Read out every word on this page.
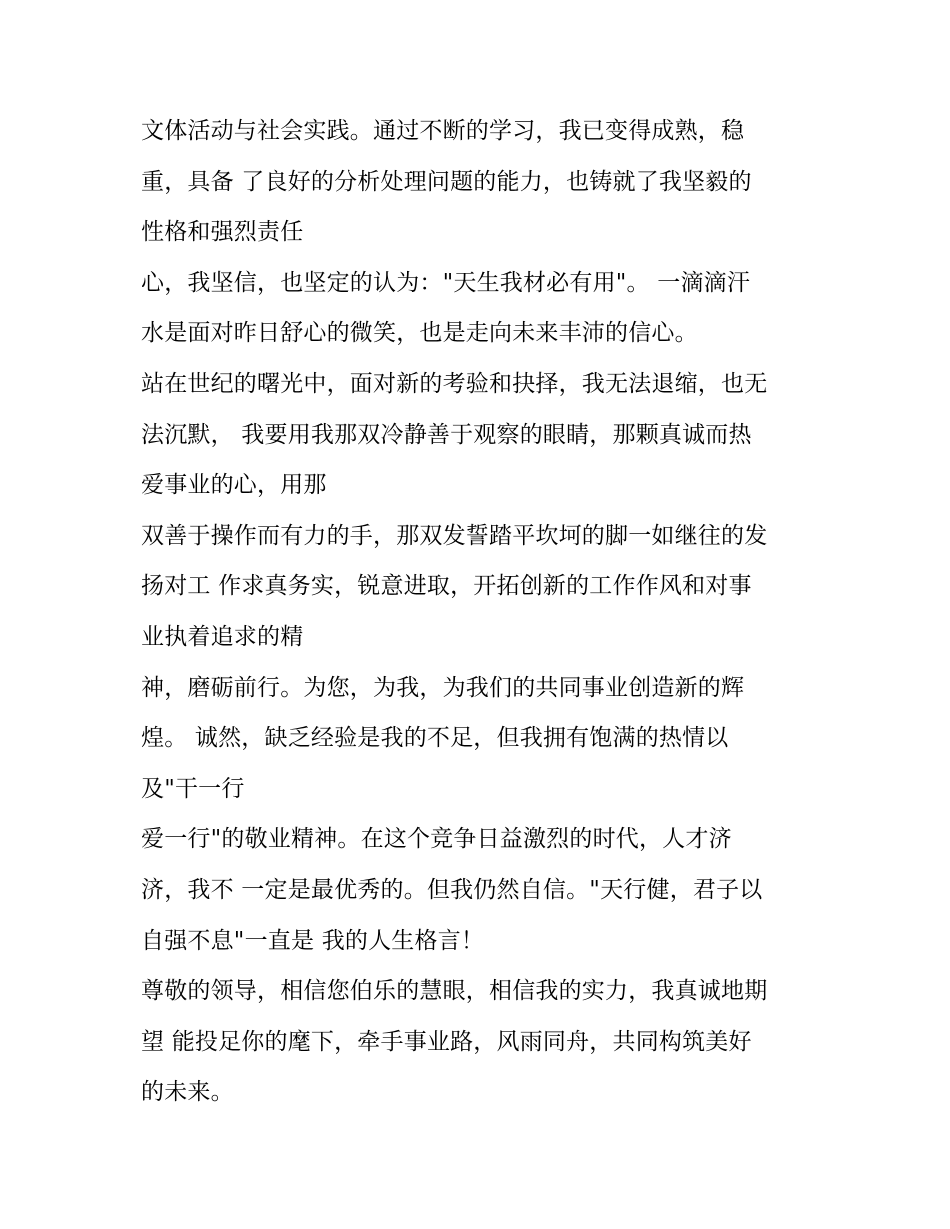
文体活动与社会实践。通过不断的学习，我已变得成熟，稳
重，具备 了良好的分析处理问题的能力，也铸就了我坚毅的
性格和强烈责任
心，我坚信，也坚定的认为："天生我材必有用"。 一滴滴汗
水是面对昨日舒心的微笑，也是走向未来丰沛的信心。
站在世纪的曙光中，面对新的考验和抉择，我无法退缩，也无
法沉默， 我要用我那双冷静善于观察的眼睛，那颗真诚而热
爱事业的心，用那
双善于操作而有力的手，那双发誓踏平坎坷的脚一如继往的发
扬对工 作求真务实，锐意进取，开拓创新的工作作风和对事
业执着追求的精
神，磨砺前行。为您，为我，为我们的共同事业创造新的辉
煌。 诚然，缺乏经验是我的不足，但我拥有饱满的热情以
及"干一行
爱一行"的敬业精神。在这个竞争日益激烈的时代，人才济
济，我不 一定是最优秀的。但我仍然自信。"天行健，君子以
自强不息"一直是 我的人生格言！
尊敬的领导，相信您伯乐的慧眼，相信我的实力，我真诚地期
望 能投足你的麾下，牵手事业路，风雨同舟，共同构筑美好
的未来。
